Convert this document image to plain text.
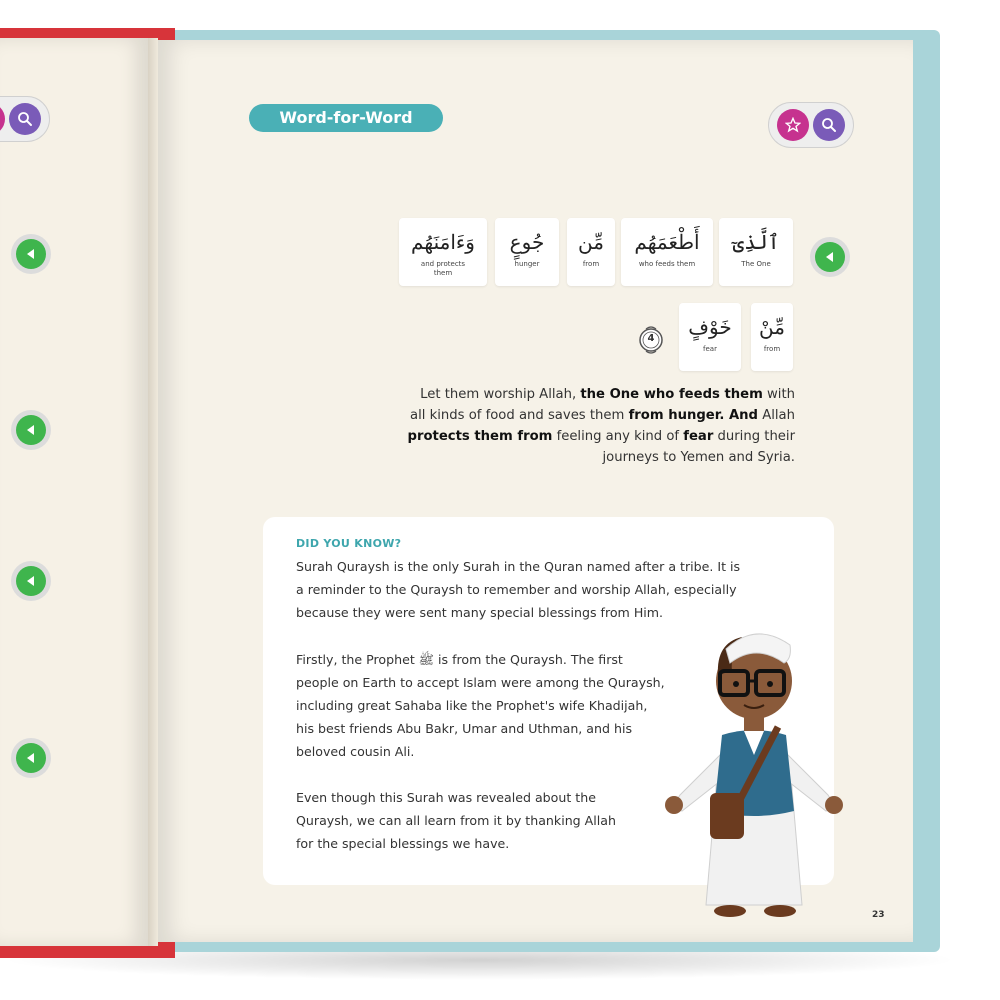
Word-for-Word
ٱلَّذِىٓ
The One
أَطْعَمَهُم
who feeds them
مِّن
from
جُوعٍ
hunger
وَءَامَنَهُم
and protects them
مِّنْ
from
خَوْفٍ
fear
4
Let them worship Allah, the One who feeds them with
all kinds of food and saves them from hunger. And Allah
protects them from feeling any kind of fear during their
journeys to Yemen and Syria.
DID YOU KNOW?
Surah Quraysh is the only Surah in the Quran named after a tribe. It is
a reminder to the Quraysh to remember and worship Allah, especially
because they were sent many special blessings from Him.
Firstly, the Prophet ﷺ is from the Quraysh. The first
people on Earth to accept Islam were among the Quraysh,
including great Sahaba like the Prophet's wife Khadijah,
his best friends Abu Bakr, Umar and Uthman, and his
beloved cousin Ali.
Even though this Surah was revealed about the
Quraysh, we can all learn from it by thanking Allah
for the special blessings we have.
23
